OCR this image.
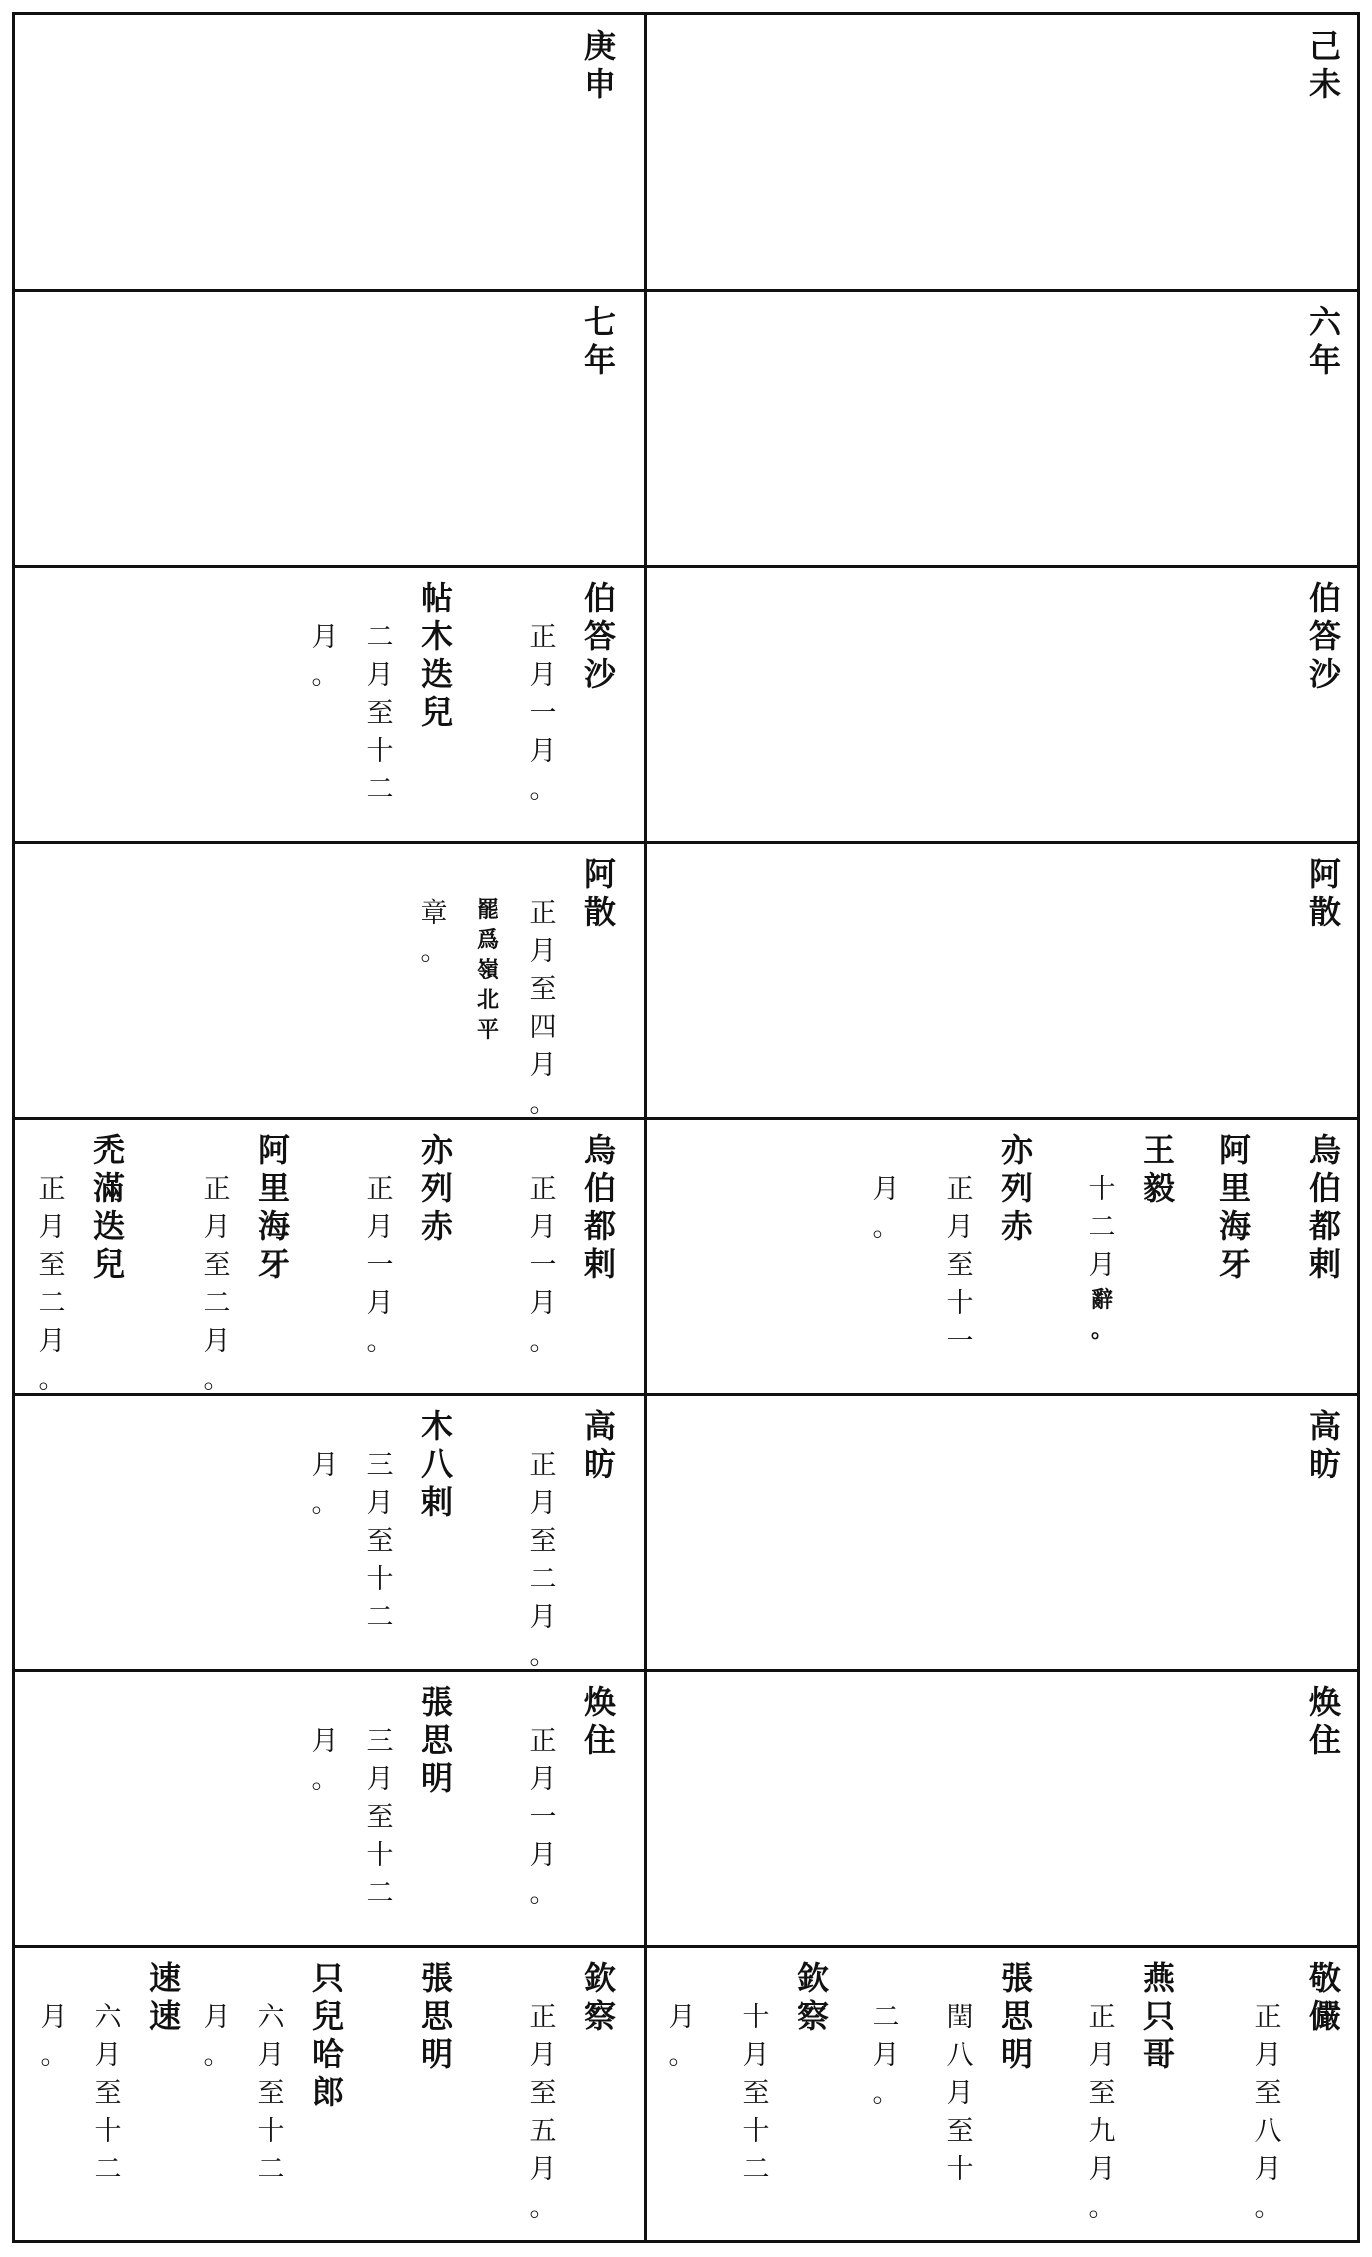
庚
申
七
年
伯
答
沙
正
月
一
月
。
帖
木
迭
兒
二
月
至
十
二
月
。
阿
散
正
月
至
四
月
。
罷
爲
嶺
北
平
章
。
烏
伯
都
剌
正
月
一
月
。
亦
列
赤
正
月
一
月
。
阿
里
海
牙
正
月
至
二
月
。
禿
滿
迭
兒
正
月
至
二
月
。
高
昉
正
月
至
二
月
。
木
八
剌
三
月
至
十
二
月
。
焕
住
正
月
一
月
。
張
思
明
三
月
至
十
二
月
。
欽
察
正
月
至
五
月
。
張
思
明
只
兒
哈
郎
六
月
至
十
二
月
。
速
速
六
月
至
十
二
月
。
己
未
六
年
伯
答
沙
阿
散
烏
伯
都
剌
阿
里
海
牙
王
毅
十
二
月
辭
。
亦
列
赤
正
月
至
十
一
月
。
高
昉
焕
住
敬
儼
正
月
至
八
月
。
燕
只
哥
正
月
至
九
月
。
張
思
明
閏
八
月
至
十
二
月
。
欽
察
十
月
至
十
二
月
。
